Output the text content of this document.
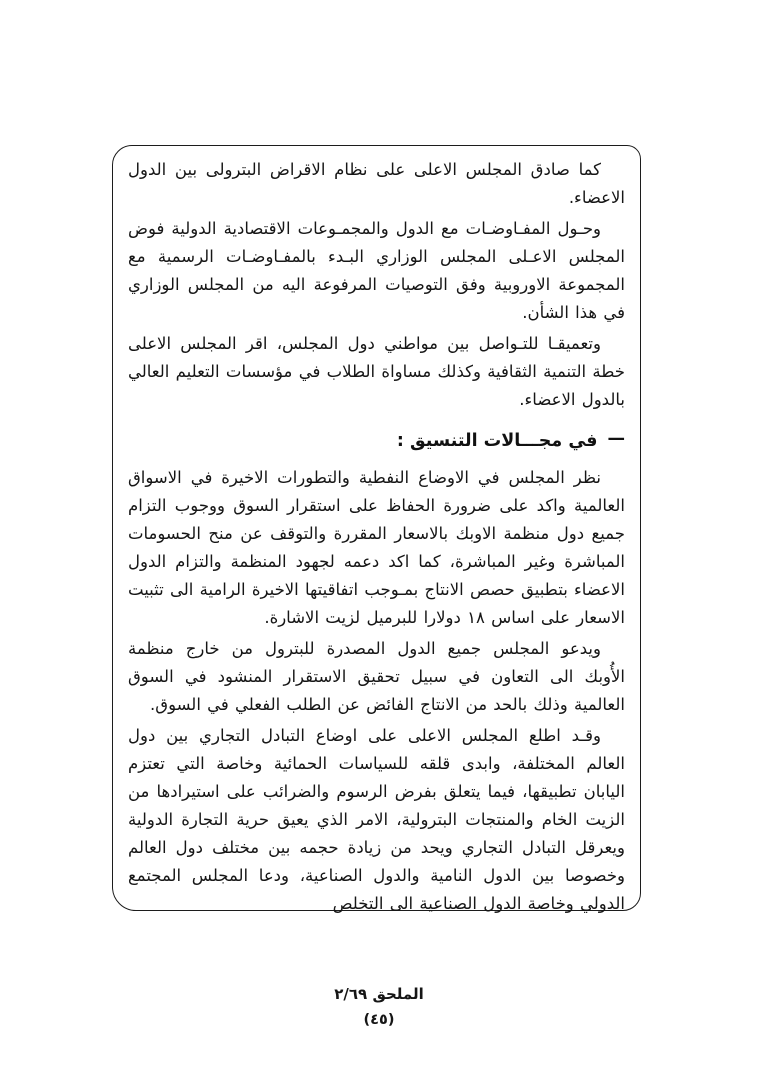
كما صادق المجلس الاعلى على نظام الاقراض البترولى بين الدول الاعضاء.

وحـول المفـاوضـات مع الدول والمجمـوعات الاقتصادية الدولية فوض المجلس الاعـلى المجلس الوزاري البـدء بالمفـاوضـات الرسمية مع المجموعة الاوروبية وفق التوصيات المرفوعة اليه من المجلس الوزاري في هذا الشأن.

وتعميقـا للتـواصل بين مواطني دول المجلس، اقر المجلس الاعلى خطة التنمية الثقافية وكذلك مساواة الطلاب في مؤسسات التعليم العالي بالدول الاعضاء.

—في مجـــالات التنسيق :

نظر المجلس في الاوضاع النفطية والتطورات الاخيرة في الاسواق العالمية واكد على ضرورة الحفاظ على استقرار السوق ووجوب التزام جميع دول منظمة الاوبك بالاسعار المقررة والتوقف عن منح الحسومات المباشرة وغير المباشرة، كما اكد دعمه لجهود المنظمة والتزام الدول الاعضاء بتطبيق حصص الانتاج بمـوجب اتفاقيتها الاخيرة الرامية الى تثبيت الاسعار على اساس ١٨ دولارا للبرميل لزيت الاشارة.

ويدعو المجلس جميع الدول المصدرة للبترول من خارج منظمة الأُوبك الى التعاون في سبيل تحقيق الاستقرار المنشود في السوق العالمية وذلك بالحد من الانتاج الفائض عن الطلب الفعلي في السوق.

وقـد اطلع المجلس الاعلى على اوضاع التبادل التجاري بين دول العالم المختلفة، وابدى قلقه للسياسات الحمائية وخاصة التي تعتزم اليابان تطبيقها، فيما يتعلق بفرض الرسوم والضرائب على استيرادها من الزيت الخام والمنتجات البترولية، الامر الذي يعيق حرية التجارة الدولية ويعرقل التبادل التجاري ويحد من زيادة حجمه بين مختلف دول العالم وخصوصا بين الدول النامية والدول الصناعية، ودعا المجلس المجتمع الدولي وخاصة الدول الصناعية الى التخلص

الملحق ٢/٦٩
(٤٥)
